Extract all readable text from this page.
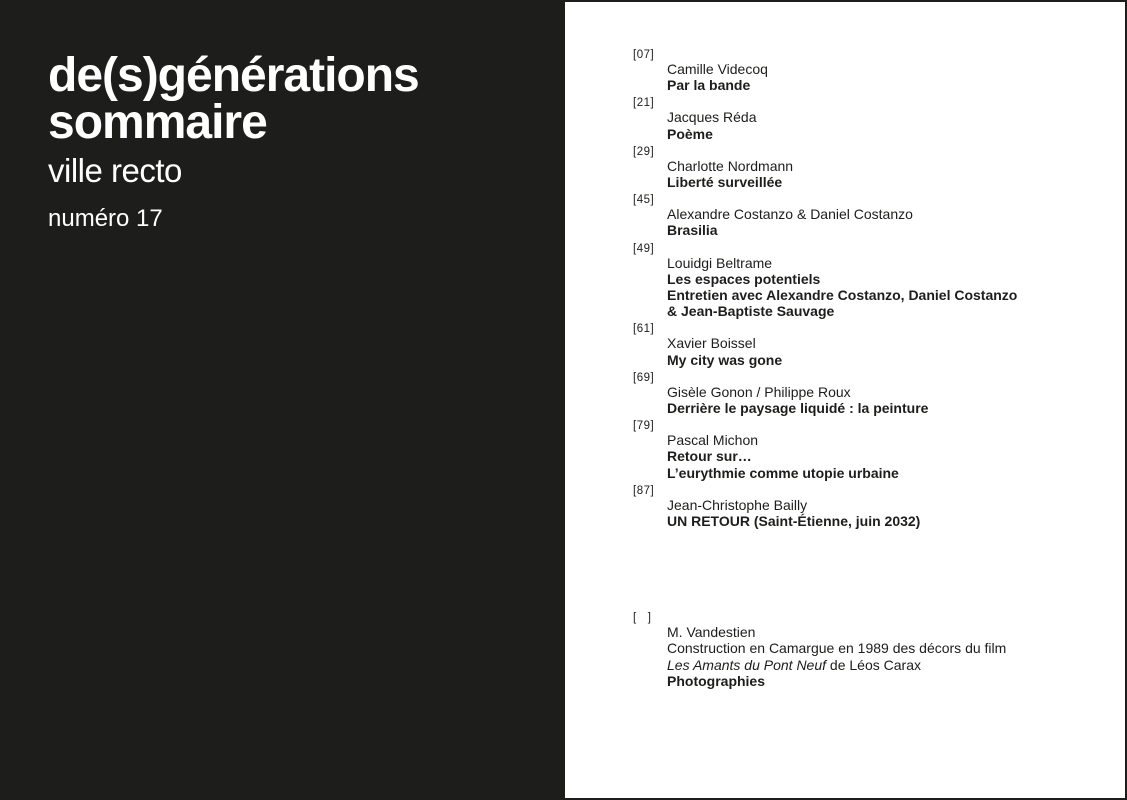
de(s)générations
sommaire
ville recto
numéro 17
[07]
Camille Videcoq
Par la bande
[21]
Jacques Réda
Poème
[29]
Charlotte Nordmann
Liberté surveillée
[45]
Alexandre Costanzo & Daniel Costanzo
Brasilia
[49]
Louidgi Beltrame
Les espaces potentiels
Entretien avec Alexandre Costanzo, Daniel Costanzo
& Jean-Baptiste Sauvage
[61]
Xavier Boissel
My city was gone
[69]
Gisèle Gonon / Philippe Roux
Derrière le paysage liquidé : la peinture
[79]
Pascal Michon
Retour sur…
L’eurythmie comme utopie urbaine
[87]
Jean-Christophe Bailly
UN RETOUR (Saint-Étienne, juin 2032)
[   ]
M. Vandestien
Construction en Camargue en 1989 des décors du film
Les Amants du Pont Neuf de Léos Carax
Photographies
